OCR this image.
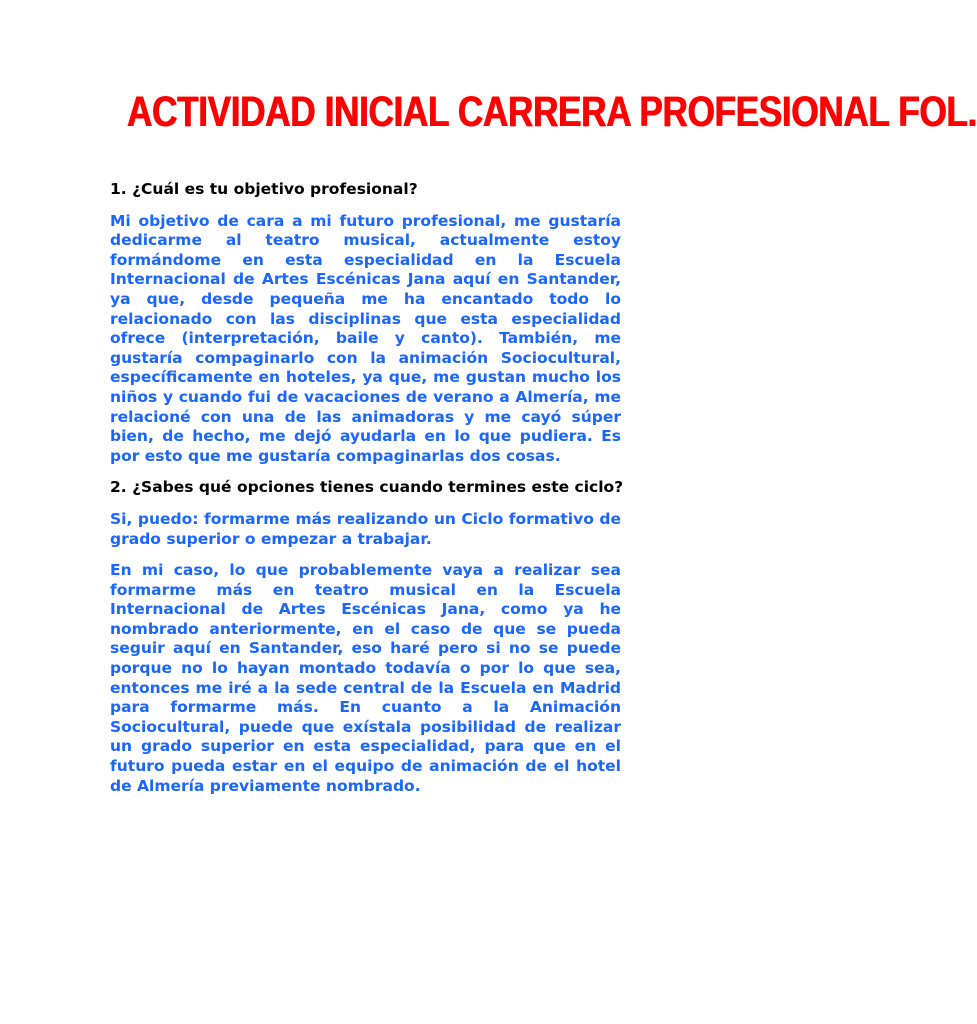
ACTIVIDAD INICIAL CARRERA PROFESIONAL FOL.

1. ¿Cuál es tu objetivo profesional?

Mi objetivo de cara a mi futuro profesional, me gustaría dedicarme al teatro musical, actualmente estoy formándome en esta especialidad en la Escuela Internacional de Artes Escénicas Jana aquí en Santander, ya que, desde pequeña me ha encantado todo lo relacionado con las disciplinas que esta especialidad ofrece (interpretación, baile y canto). También, me gustaría compaginarlo con la animación Sociocultural, específicamente en hoteles, ya que, me gustan mucho los niños y cuando fui de vacaciones de verano a Almería, me relacioné con una de las animadoras y me cayó súper bien, de hecho, me dejó ayudarla en lo que pudiera. Es por esto que me gustaría compaginarlas dos cosas.

2. ¿Sabes qué opciones tienes cuando termines este ciclo?

Si, puedo: formarme más realizando un Ciclo formativo de grado superior o empezar a trabajar.

En mi caso, lo que probablemente vaya a realizar sea formarme más en teatro musical en la Escuela Internacional de Artes Escénicas Jana, como ya he nombrado anteriormente, en el caso de que se pueda seguir aquí en Santander, eso haré pero si no se puede porque no lo hayan montado todavía o por lo que sea, entonces me iré a la sede central de la Escuela en Madrid para formarme más. En cuanto a la Animación Sociocultural, puede que exístala posibilidad de realizar un grado superior en esta especialidad, para que en el futuro pueda estar en el equipo de animación de el hotel de Almería previamente nombrado.
